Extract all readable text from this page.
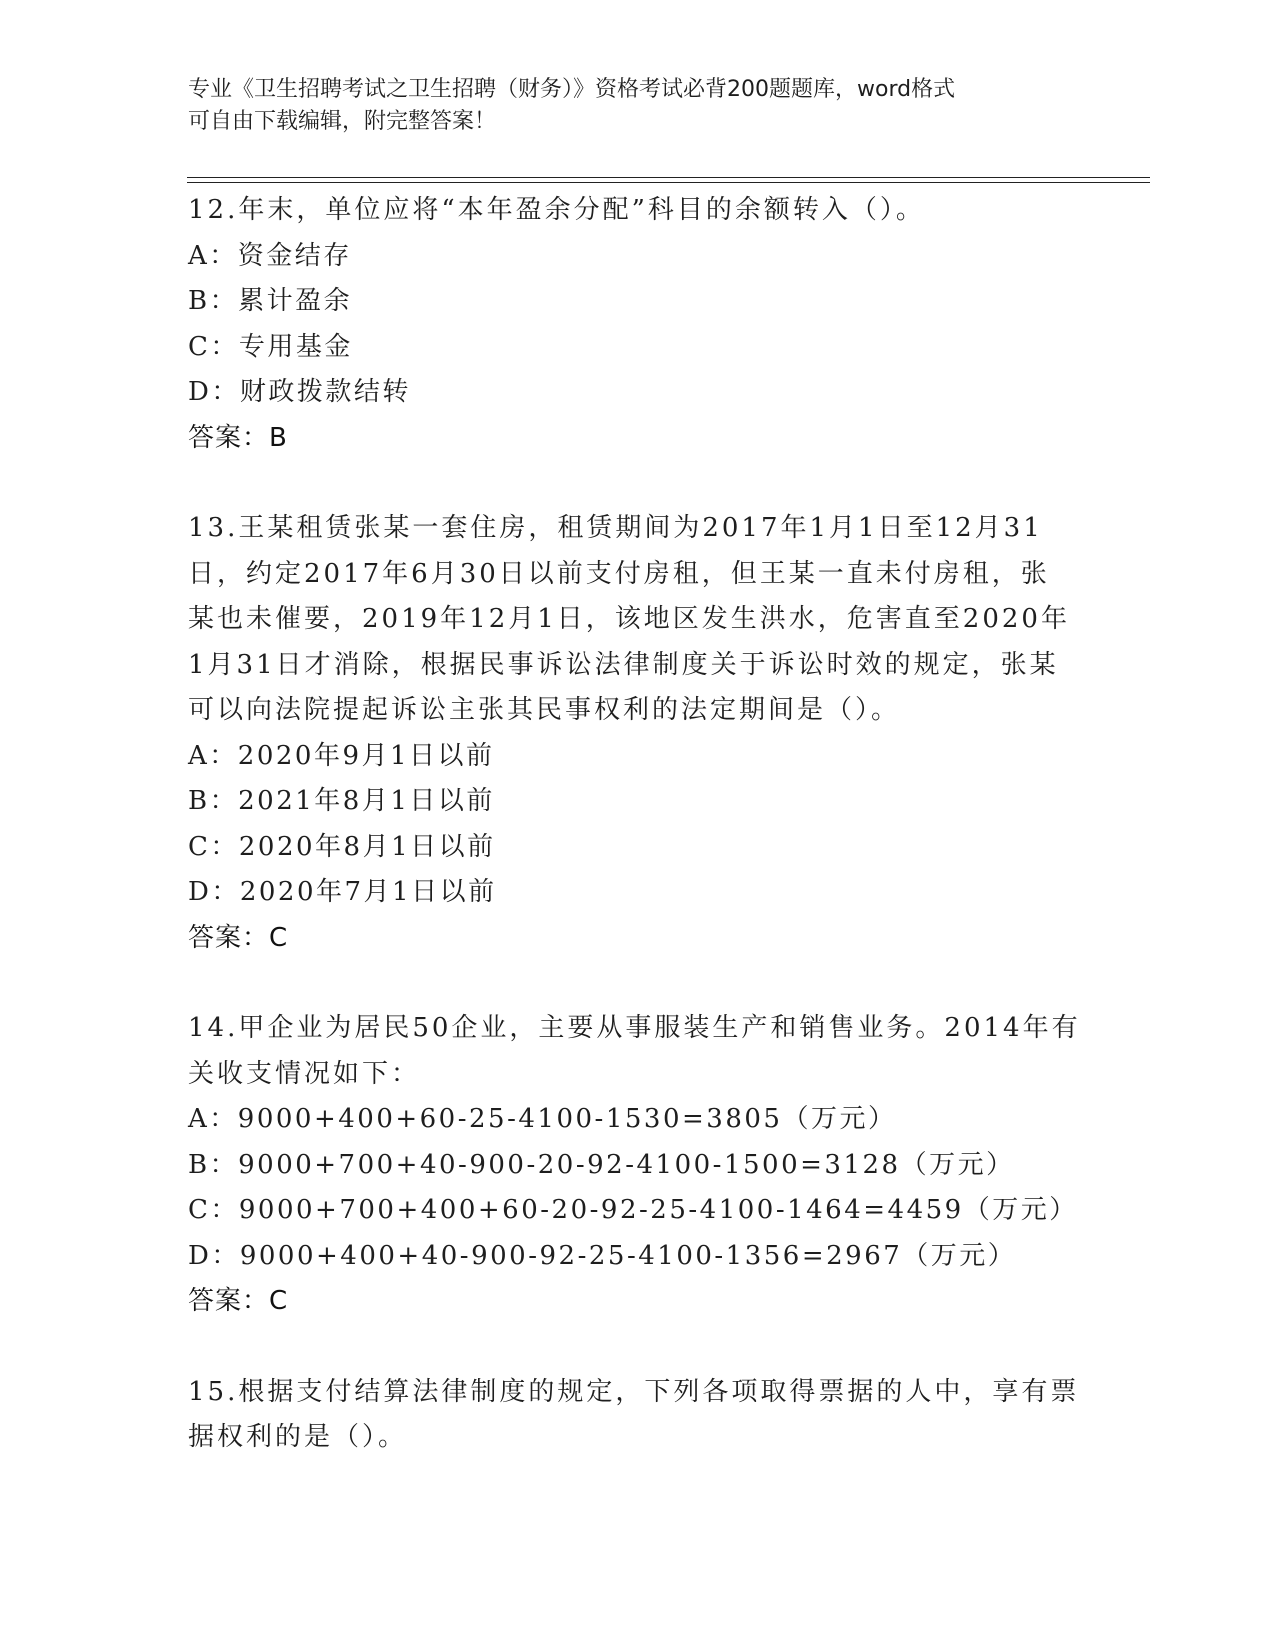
专业《卫生招聘考试之卫生招聘（财务）》资格考试必背200题题库，word格式
可自由下载编辑，附完整答案！
12.年末，单位应将“本年盈余分配”科目的余额转入（）。
A：资金结存
B：累计盈余
C：专用基金
D：财政拨款结转
答案：B
13.王某租赁张某一套住房，租赁期间为2017年1月1日至12月31
日，约定2017年6月30日以前支付房租，但王某一直未付房租，张
某也未催要，2019年12月1日，该地区发生洪水，危害直至2020年
1月31日才消除，根据民事诉讼法律制度关于诉讼时效的规定，张某
可以向法院提起诉讼主张其民事权利的法定期间是（）。
A：2020年9月1日以前
B：2021年8月1日以前
C：2020年8月1日以前
D：2020年7月1日以前
答案：C
14.甲企业为居民50企业，主要从事服装生产和销售业务。2014年有
关收支情况如下：
A：9000+400+60-25-4100-1530=3805（万元）
B：9000+700+40-900-20-92-4100-1500=3128（万元）
C：9000+700+400+60-20-92-25-4100-1464=4459（万元）
D：9000+400+40-900-92-25-4100-1356=2967（万元）
答案：C
15.根据支付结算法律制度的规定，下列各项取得票据的人中，享有票
据权利的是（）。
